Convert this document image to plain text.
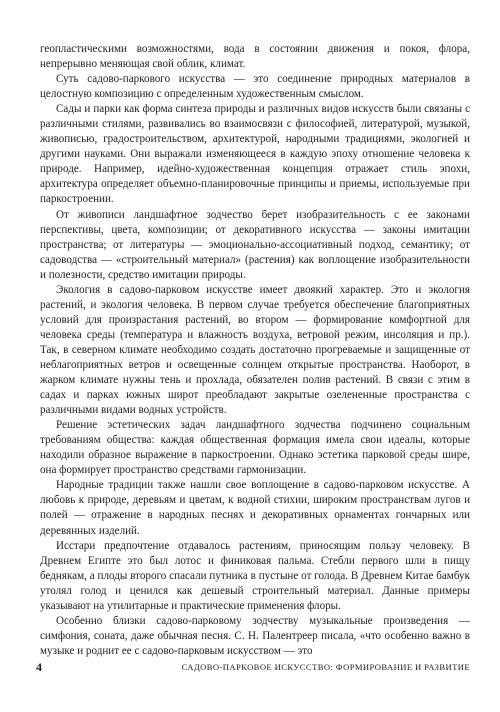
геопластическими возможностями, вода в состоянии движения и покоя, флора, непрерывно меняющая свой облик, климат.

Суть садово-паркового искусства — это соединение природных материалов в целостную композицию с определенным художественным смыслом.

Сады и парки как форма синтеза природы и различных видов искусств были связаны с различными стилями, развивались во взаимосвязи с философией, литературой, музыкой, живописью, градостроительством, архитектурой, народными традициями, экологией и другими науками. Они выражали изменяющееся в каждую эпоху отношение человека к природе. Например, идейно-художественная концепция отражает стиль эпохи, архитектура определяет объемно-планировочные принципы и приемы, используемые при паркостроении.

От живописи ландшафтное зодчество берет изобразительность с ее законами перспективы, цвета, композиции; от декоративного искусства — законы имитации пространства; от литературы — эмоционально-ассоциативный подход, семантику; от садоводства — «строительный материал» (растения) как воплощение изобразительности и полезности, средство имитации природы.

Экология в садово-парковом искусстве имеет двоякий характер. Это и экология растений, и экология человека. В первом случае требуется обеспечение благоприятных условий для произрастания растений, во втором — формирование комфортной для человека среды (температура и влажность воздуха, ветровой режим, инсоляция и пр.). Так, в северном климате необходимо создать достаточно прогреваемые и защищенные от неблагоприятных ветров и освещенные солнцем открытые пространства. Наоборот, в жарком климате нужны тень и прохлада, обязателен полив растений. В связи с этим в садах и парках южных широт преобладают закрытые озелененные пространства с различными видами водных устройств.

Решение эстетических задач ландшафтного зодчества подчинено социальным требованиям общества: каждая общественная формация имела свои идеалы, которые находили образное выражение в паркостроении. Однако эстетика парковой среды шире, она формирует пространство средствами гармонизации.

Народные традиции также нашли свое воплощение в садово-парковом искусстве. А любовь к природе, деревьям и цветам, к водной стихии, широким пространствам лугов и полей — отражение в народных песнях и декоративных орнаментах гончарных или деревянных изделий.

Исстари предпочтение отдавалось растениям, приносящим пользу человеку. В Древнем Египте это был лотос и финиковая пальма. Стебли первого шли в пищу беднякам, а плоды второго спасали путника в пустыне от голода. В Древнем Китае бамбук утолял голод и ценился как дешевый строительный материал. Данные примеры указывают на утилитарные и практические применения флоры.

Особенно близки садово-парковому зодчеству музыкальные произведения — симфония, соната, даже обычная песня. С. Н. Палентреер писала, «что особенно важно в музыке и роднит ее с садово-парковым искусством — это

4	САДОВО-ПАРКОВОЕ ИСКУССТВО: ФОРМИРОВАНИЕ И РАЗВИТИЕ
